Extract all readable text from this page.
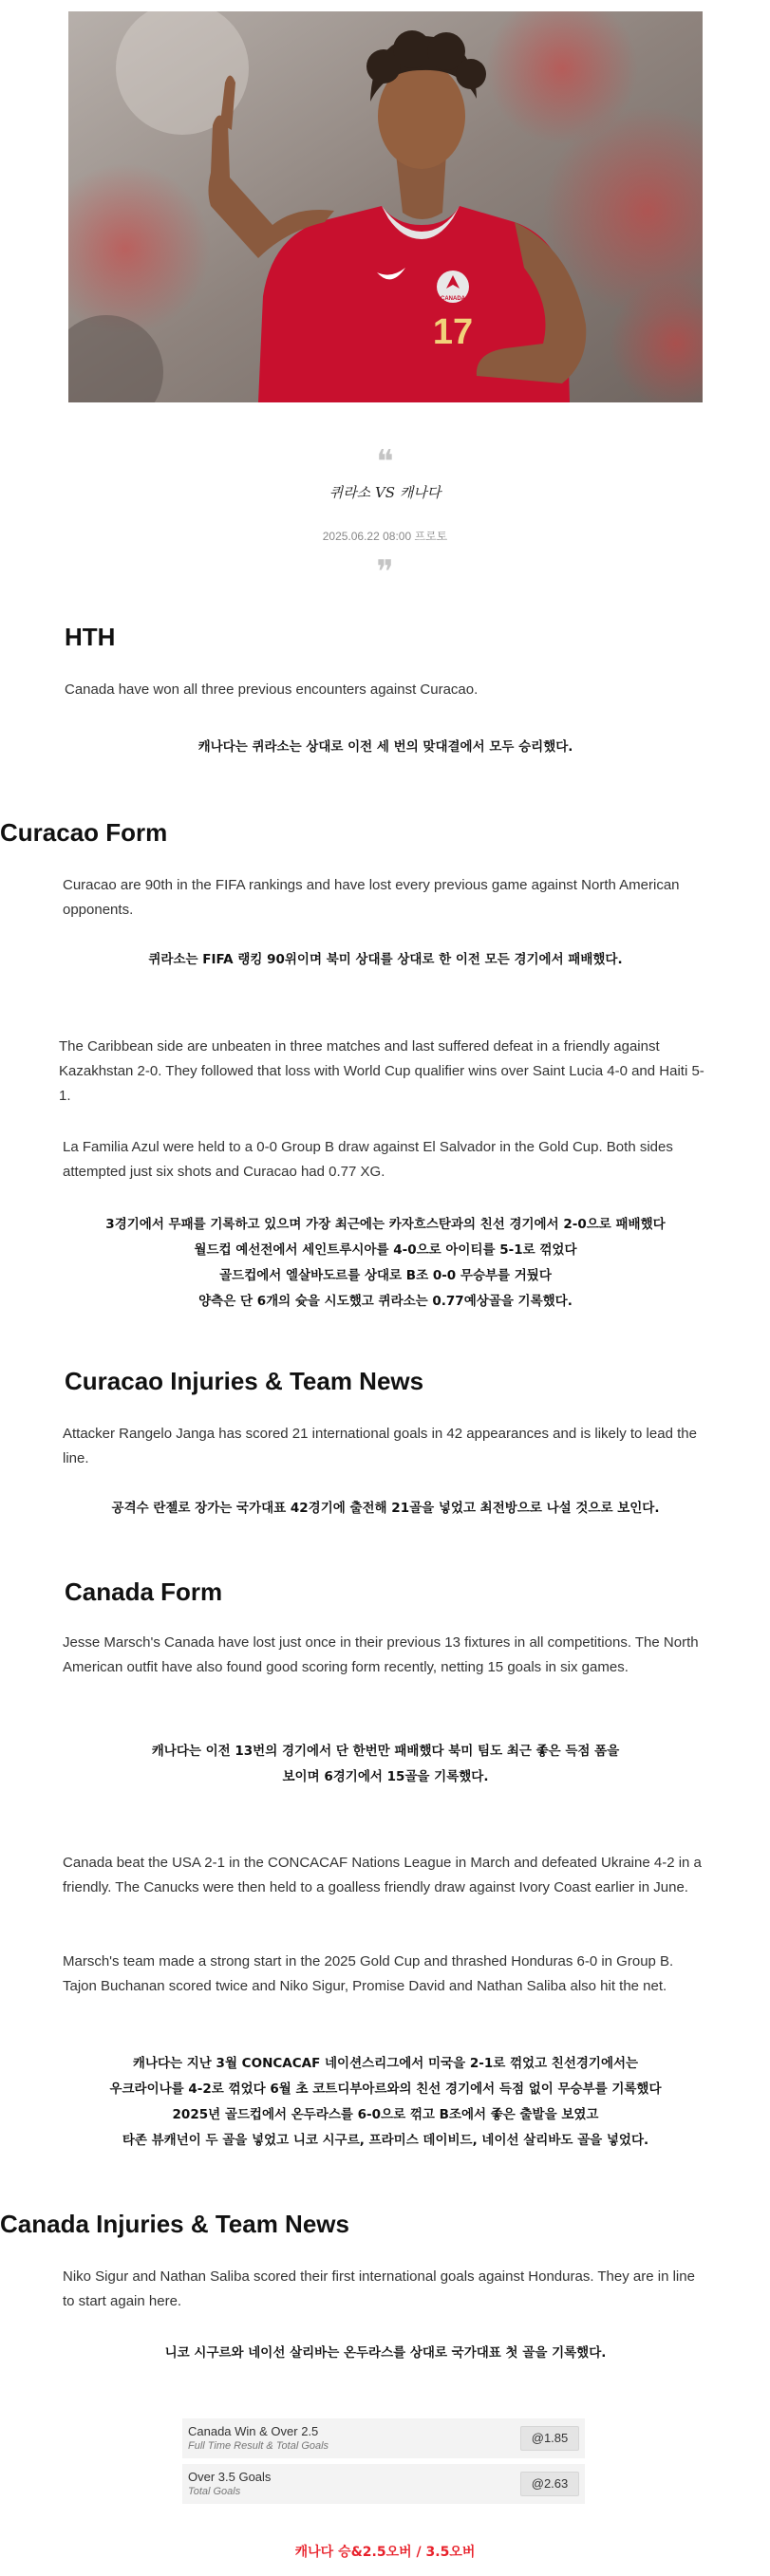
CANADA
17
❝
퀴라소 VS 캐나다
2025.06.22 08:00 프로토
❞
HTH

Canada have won all three previous encounters against Curacao.

캐나다는 퀴라소는 상대로 이전 세 번의 맞대결에서 모두 승리했다.
Curacao Form

Curacao are 90th in the FIFA rankings and have lost every previous game against North American opponents.

퀴라소는 FIFA 랭킹 90위이며 북미 상대를 상대로 한 이전 모든 경기에서 패배했다.

The Caribbean side are unbeaten in three matches and last suffered defeat in a friendly against Kazakhstan 2-0. They followed that loss with World Cup qualifier wins over Saint Lucia 4-0 and Haiti 5-1.

La Familia Azul were held to a 0-0 Group B draw against El Salvador in the Gold Cup. Both sides attempted just six shots and Curacao had 0.77 XG.

3경기에서 무패를 기록하고 있으며 가장 최근에는 카자흐스탄과의 친선 경기에서 2-0으로 패배했다
월드컵 예선전에서 세인트루시아를 4-0으로 아이티를 5-1로 꺾었다
골드컵에서 엘살바도르를 상대로 B조 0-0 무승부를 거뒀다
양측은 단 6개의 슛을 시도했고 퀴라소는 0.77예상골을 기록했다.
Curacao Injuries & Team News

Attacker Rangelo Janga has scored 21 international goals in 42 appearances and is likely to lead the line.

공격수 란젤로 장가는 국가대표 42경기에 출전해 21골을 넣었고 최전방으로 나설 것으로 보인다.
Canada Form

Jesse Marsch's Canada have lost just once in their previous 13 fixtures in all competitions. The North American outfit have also found good scoring form recently, netting 15 goals in six games.

캐나다는 이전 13번의 경기에서 단 한번만 패배했다 북미 팀도 최근 좋은 득점 폼을
보이며 6경기에서 15골을 기록했다.

Canada beat the USA 2-1 in the CONCACAF Nations League in March and defeated Ukraine 4-2 in a friendly. The Canucks were then held to a goalless friendly draw against Ivory Coast earlier in June.

Marsch's team made a strong start in the 2025 Gold Cup and thrashed Honduras 6-0 in Group B. Tajon Buchanan scored twice and Niko Sigur, Promise David and Nathan Saliba also hit the net.

캐나다는 지난 3월 CONCACAF 네이션스리그에서 미국을 2-1로 꺾었고 친선경기에서는
우크라이나를 4-2로 꺾었다 6월 초 코트디부아르와의 친선 경기에서 득점 없이 무승부를 기록했다
2025년 골드컵에서 온두라스를 6-0으로 꺾고 B조에서 좋은 출발을 보였고
타존 뷰캐넌이 두 골을 넣었고 니코 시구르, 프라미스 데이비드, 네이선 살리바도 골을 넣었다.
Canada Injuries & Team News

Niko Sigur and Nathan Saliba scored their first international goals against Honduras. They are in line to start again here.

니코 시구르와 네이선 살리바는 온두라스를 상대로 국가대표 첫 골을 기록했다.
Canada Win & Over 2.5
Full Time Result & Total Goals
@1.85
Over 3.5 Goals
Total Goals
@2.63
캐나다 승&2.5오버 / 3.5오버
